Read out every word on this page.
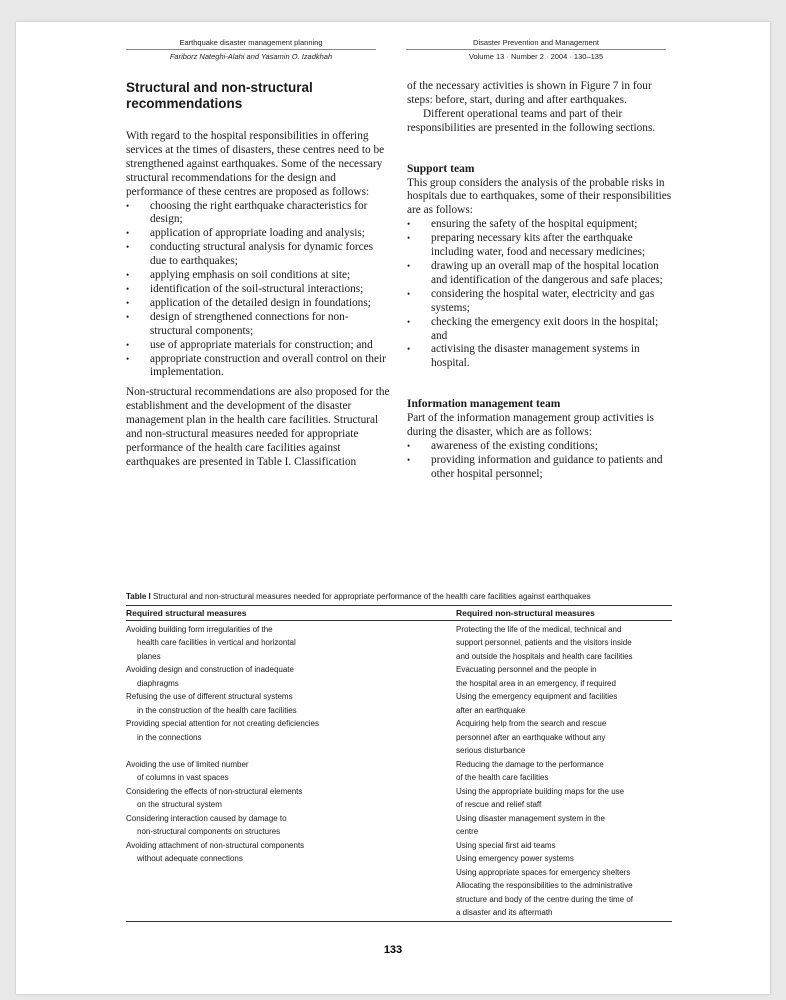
Earthquake disaster management planning
Fariborz Nateghi-Alahi and Yasamin O. Izadkhah
Disaster Prevention and Management
Volume 13 · Number 2 · 2004 · 130–135
Structural and non-structural
recommendations

With regard to the hospital responsibilities in offering services at the times of disasters, these centres need to be strengthened against earthquakes. Some of the necessary structural recommendations for the design and performance of these centres are proposed as follows:

• choosing the right earthquake characteristics for design;
• application of appropriate loading and analysis;
• conducting structural analysis for dynamic forces due to earthquakes;
• applying emphasis on soil conditions at site;
• identification of the soil-structural interactions;
• application of the detailed design in foundations;
• design of strengthened connections for non-structural components;
• use of appropriate materials for construction; and
• appropriate construction and overall control on their implementation.

Non-structural recommendations are also proposed for the establishment and the development of the disaster management plan in the health care facilities. Structural and non-structural measures needed for appropriate performance of the health care facilities against earthquakes are presented in Table I. Classification

of the necessary activities is shown in Figure 7 in four steps: before, start, during and after earthquakes.

Different operational teams and part of their responsibilities are presented in the following sections.

Support team

This group considers the analysis of the probable risks in hospitals due to earthquakes, some of their responsibilities are as follows:

• ensuring the safety of the hospital equipment;
• preparing necessary kits after the earthquake including water, food and necessary medicines;
• drawing up an overall map of the hospital location and identification of the dangerous and safe places;
• considering the hospital water, electricity and gas systems;
• checking the emergency exit doors in the hospital; and
• activising the disaster management systems in hospital.

Information management team

Part of the information management group activities is during the disaster, which are as follows:

• awareness of the existing conditions;
• providing information and guidance to patients and other hospital personnel;
Table I Structural and non-structural measures needed for appropriate performance of the health care facilities against earthquakes
Required structural measures	Required non-structural measures
Avoiding building form irregularities of the
health care facilities in vertical and horizontal
planes
Avoiding design and construction of inadequate
diaphragms
Refusing the use of different structural systems
in the construction of the health care facilities
Providing special attention for not creating deficiencies
in the connections
Avoiding the use of limited number
of columns in vast spaces
Considering the effects of non-structural elements
on the structural system
Considering interaction caused by damage to
non-structural components on structures
Avoiding attachment of non-structural components
without adequate connections
Protecting the life of the medical, technical and
support personnel, patients and the visitors inside
and outside the hospitals and health care facilities
Evacuating personnel and the people in
the hospital area in an emergency, if required
Using the emergency equipment and facilities
after an earthquake
Acquiring help from the search and rescue
personnel after an earthquake without any
serious disturbance
Reducing the damage to the performance
of the health care facilities
Using the appropriate building maps for the use
of rescue and relief staff
Using disaster management system in the
centre
Using special first aid teams
Using emergency power systems
Using appropriate spaces for emergency shelters
Allocating the responsibilities to the administrative
structure and body of the centre during the time of
a disaster and its aftermath
133
